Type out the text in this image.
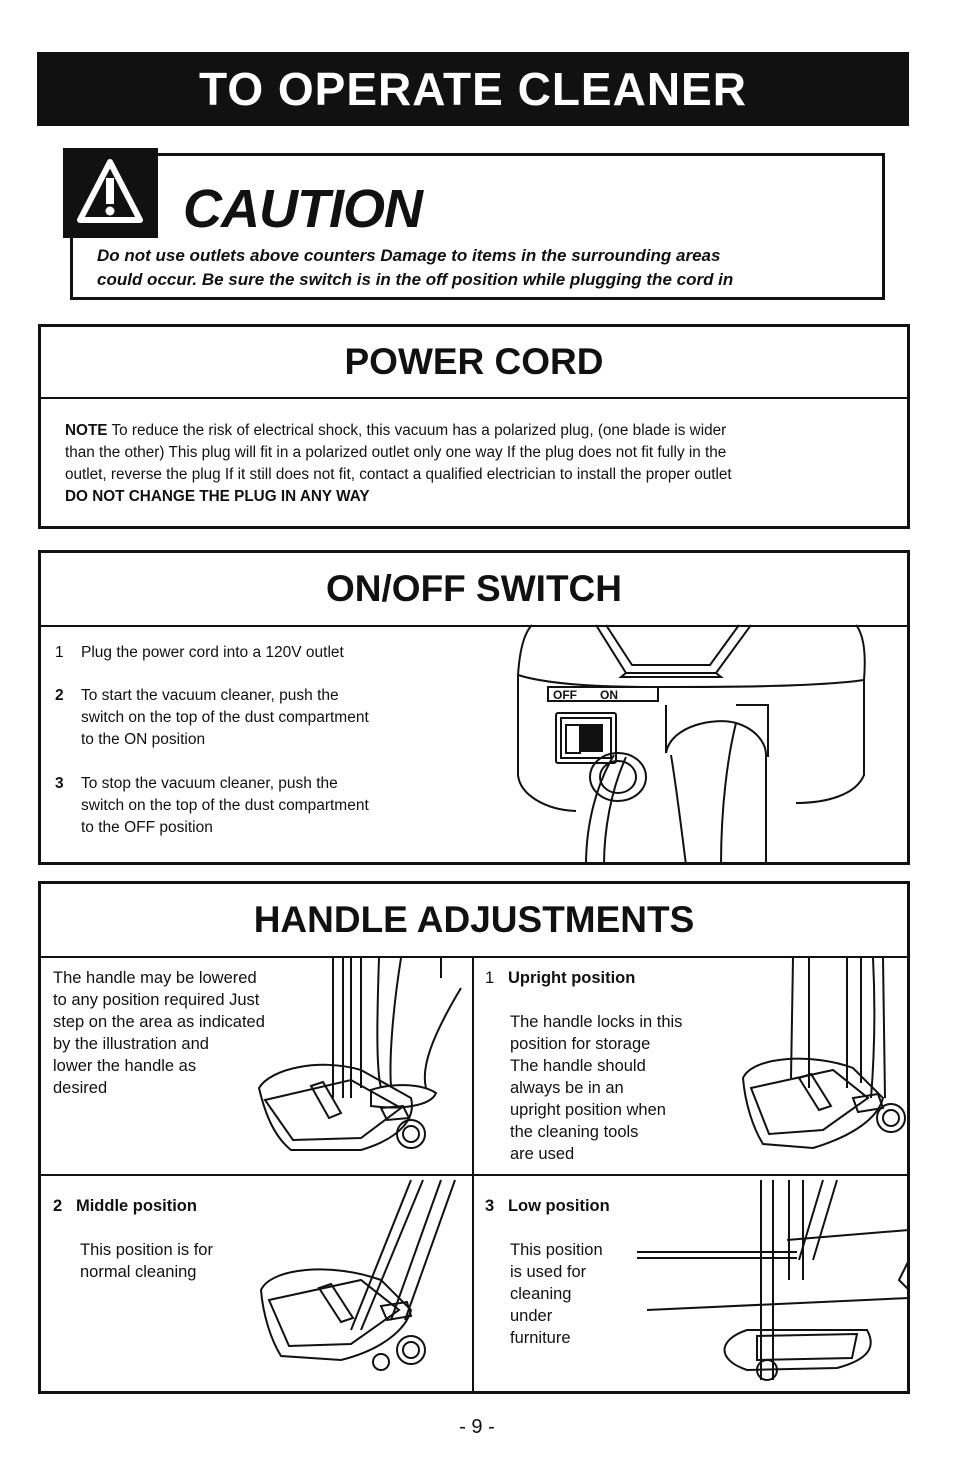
TO OPERATE CLEANER
CAUTION
Do not use outlets above counters Damage to items in the surrounding areas
could occur. Be sure the switch is in the off position while plugging the cord in
POWER CORD
NOTE To reduce the risk of electrical shock, this vacuum has a polarized plug, (one blade is wider
than the other) This plug will fit in a polarized outlet only one way If the plug does not fit fully in the
outlet, reverse the plug If it still does not fit, contact a qualified electrician to install the proper outlet
DO NOT CHANGE THE PLUG IN ANY WAY
ON/OFF SWITCH
1 Plug the power cord into a 120V outlet
2 To start the vacuum cleaner, push the
switch on the top of the dust compartment
to the ON position
3 To stop the vacuum cleaner, push the
switch on the top of the dust compartment
to the OFF position
OFF ON
HANDLE ADJUSTMENTS
The handle may be lowered
to any position required Just
step on the area as indicated
by the illustration and
lower the handle as
desired
1 Upright position
The handle locks in this
position for storage
The handle should
always be in an
upright position when
the cleaning tools
are used
2 Middle position
This position is for
normal cleaning
3 Low position
This position
is used for
cleaning
under
furniture
- 9 -
